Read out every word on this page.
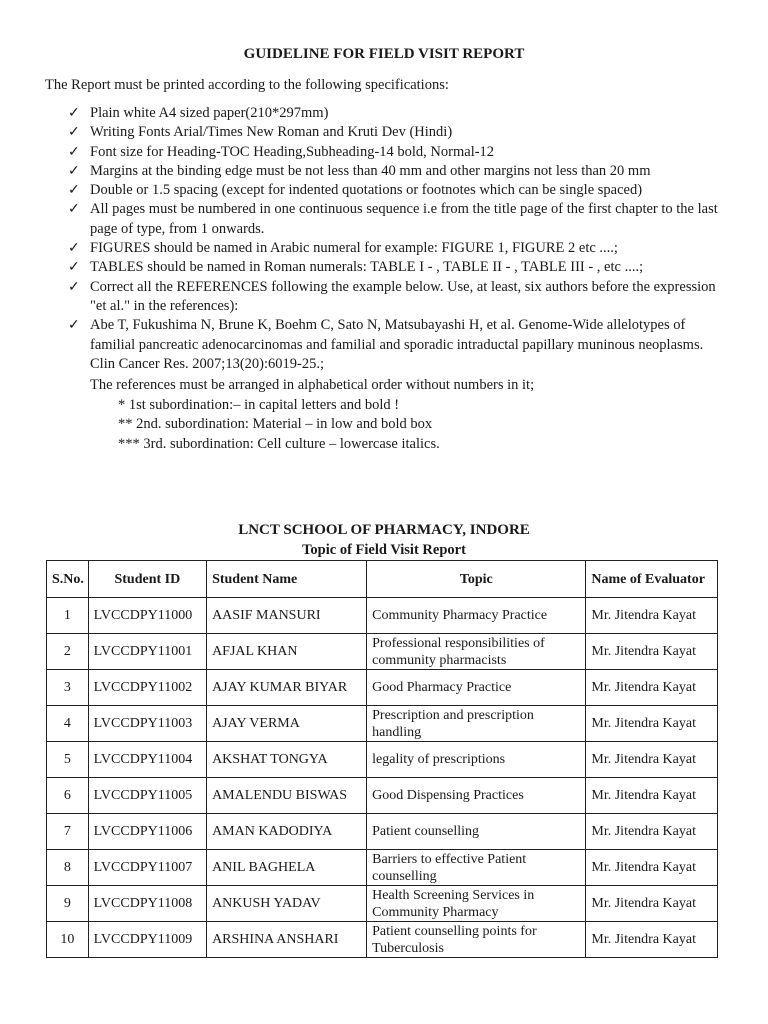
GUIDELINE FOR FIELD VISIT REPORT
The Report must be printed according to the following specifications:
✓ Plain white A4 sized paper(210*297mm)
✓ Writing Fonts Arial/Times New Roman and Kruti Dev (Hindi)
✓ Font size for Heading-TOC Heading,Subheading-14 bold, Normal-12
✓ Margins at the binding edge must be not less than 40 mm and other margins not less than 20 mm
✓ Double or 1.5 spacing (except for indented quotations or footnotes which can be single spaced)
✓ All pages must be numbered in one continuous sequence i.e from the title page of the first chapter to the last page of type, from 1 onwards.
✓ FIGURES should be named in Arabic numeral for example: FIGURE 1, FIGURE 2 etc ....;
✓ TABLES should be named in Roman numerals: TABLE I - , TABLE II - , TABLE III - , etc ....;
✓ Correct all the REFERENCES following the example below. Use, at least, six authors before the expression "et al." in the references):
✓ Abe T, Fukushima N, Brune K, Boehm C, Sato N, Matsubayashi H, et al. Genome-Wide allelotypes of familial pancreatic adenocarcinomas and familial and sporadic intraductal papillary muninous neoplasms. Clin Cancer Res. 2007;13(20):6019-25.;
The references must be arranged in alphabetical order without numbers in it;
* 1st subordination:– in capital letters and bold !
** 2nd. subordination: Material – in low and bold box
*** 3rd. subordination: Cell culture – lowercase italics.
LNCT SCHOOL OF PHARMACY, INDORE
Topic of Field Visit Report
S.No.	Student ID	Student Name	Topic	Name of Evaluator
1	LVCCDPY11000	AASIF MANSURI	Community Pharmacy Practice	Mr. Jitendra Kayat
2	LVCCDPY11001	AFJAL KHAN	Professional responsibilities of community pharmacists	Mr. Jitendra Kayat
3	LVCCDPY11002	AJAY KUMAR BIYAR	Good Pharmacy Practice	Mr. Jitendra Kayat
4	LVCCDPY11003	AJAY VERMA	Prescription and prescription handling	Mr. Jitendra Kayat
5	LVCCDPY11004	AKSHAT TONGYA	legality of prescriptions	Mr. Jitendra Kayat
6	LVCCDPY11005	AMALENDU BISWAS	Good Dispensing Practices	Mr. Jitendra Kayat
7	LVCCDPY11006	AMAN KADODIYA	Patient counselling	Mr. Jitendra Kayat
8	LVCCDPY11007	ANIL BAGHELA	Barriers to effective Patient counselling	Mr. Jitendra Kayat
9	LVCCDPY11008	ANKUSH YADAV	Health Screening Services in Community Pharmacy	Mr. Jitendra Kayat
10	LVCCDPY11009	ARSHINA ANSHARI	Patient counselling points for Tuberculosis	Mr. Jitendra Kayat
